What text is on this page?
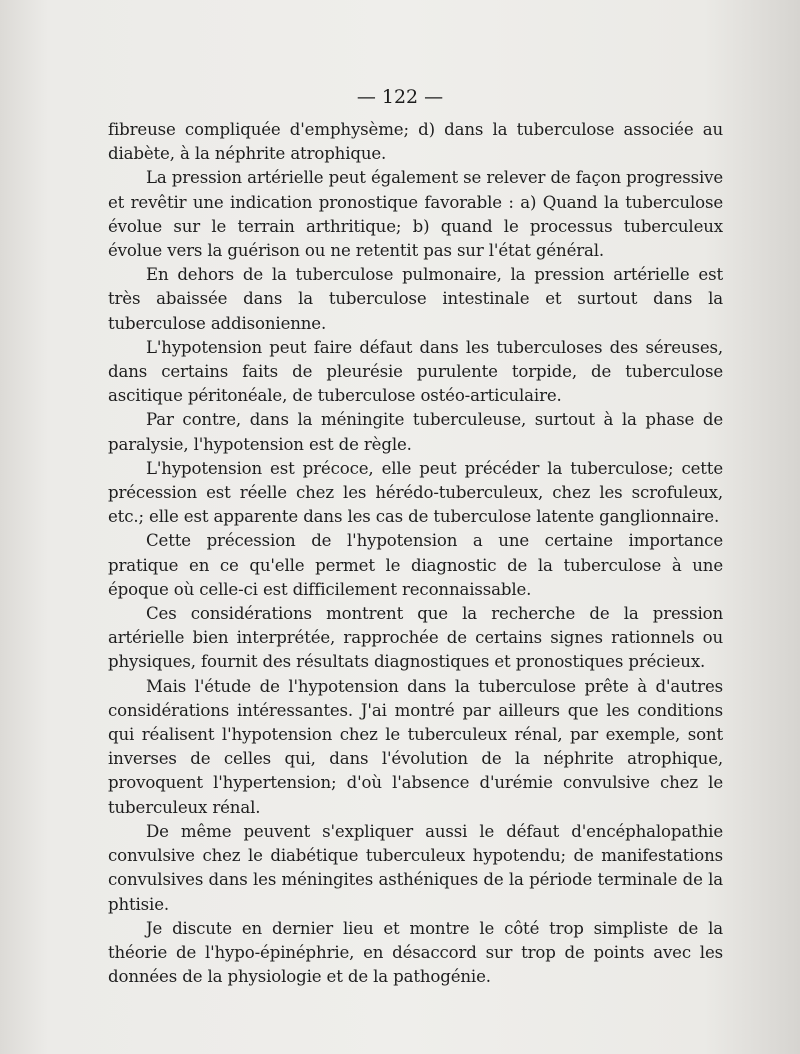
— 122 —

fibreuse compliquée d'emphysème; d) dans la tuberculose associée au diabète, à la néphrite atrophique.

La pression artérielle peut également se relever de façon progressive et revêtir une indication pronostique favorable : a) Quand la tuberculose évolue sur le terrain arthritique; b) quand le processus tuberculeux évolue vers la guérison ou ne retentit pas sur l'état général.

En dehors de la tuberculose pulmonaire, la pression artérielle est très abaissée dans la tuberculose intestinale et surtout dans la tuberculose addisonienne.

L'hypotension peut faire défaut dans les tuberculoses des séreuses, dans certains faits de pleurésie purulente torpide, de tuberculose ascitique péritonéale, de tuberculose ostéo-articulaire.

Par contre, dans la méningite tuberculeuse, surtout à la phase de paralysie, l'hypotension est de règle.

L'hypotension est précoce, elle peut précéder la tuberculose; cette précession est réelle chez les hérédo-tuberculeux, chez les scrofuleux, etc.; elle est apparente dans les cas de tuberculose latente ganglionnaire.

Cette précession de l'hypotension a une certaine importance pratique en ce qu'elle permet le diagnostic de la tuberculose à une époque où celle-ci est difficilement reconnaissable.

Ces considérations montrent que la recherche de la pression artérielle bien interprétée, rapprochée de certains signes rationnels ou physiques, fournit des résultats diagnostiques et pronostiques précieux.

Mais l'étude de l'hypotension dans la tuberculose prête à d'autres considérations intéressantes. J'ai montré par ailleurs que les conditions qui réalisent l'hypotension chez le tuberculeux rénal, par exemple, sont inverses de celles qui, dans l'évolution de la néphrite atrophique, provoquent l'hypertension; d'où l'absence d'urémie convulsive chez le tuberculeux rénal.

De même peuvent s'expliquer aussi le défaut d'encéphalopathie convulsive chez le diabétique tuberculeux hypotendu; de manifestations convulsives dans les méningites asthéniques de la période terminale de la phtisie.

Je discute en dernier lieu et montre le côté trop simpliste de la théorie de l'hypo-épinéphrie, en désaccord sur trop de points avec les données de la physiologie et de la pathogénie.
